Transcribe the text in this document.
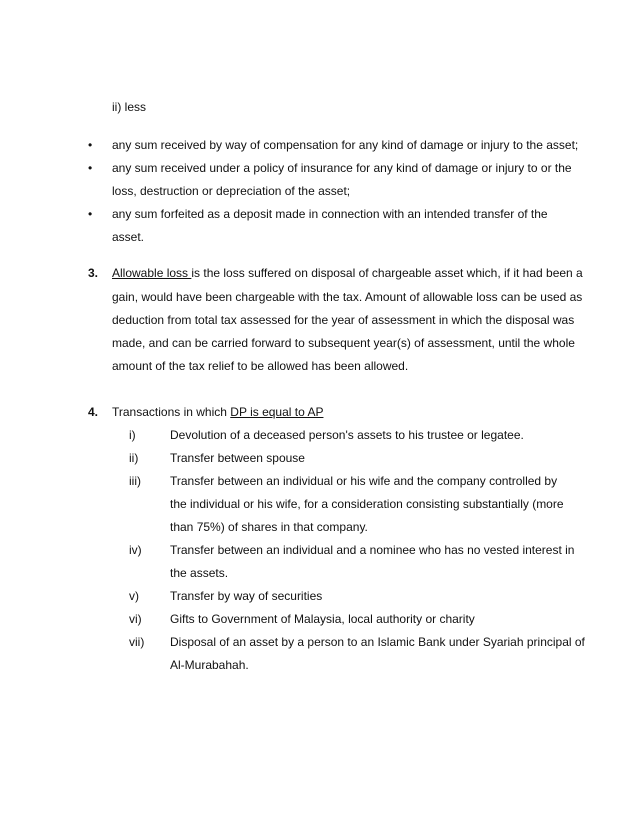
ii) less
• any sum received by way of compensation for any kind of damage or injury to the asset;
• any sum received under a policy of insurance for any kind of damage or injury to or the
loss, destruction or depreciation of the asset;
• any sum forfeited as a deposit made in connection with an intended transfer of the
asset.
3. Allowable loss is the loss suffered on disposal of chargeable asset which, if it had been a
gain, would have been chargeable with the tax. Amount of allowable loss can be used as
deduction from total tax assessed for the year of assessment in which the disposal was
made, and can be carried forward to subsequent year(s) of assessment, until the whole
amount of the tax relief to be allowed has been allowed.
4. Transactions in which DP is equal to AP
i)	Devolution of a deceased person's assets to his trustee or legatee.
ii)	Transfer between spouse
iii) Transfer between an individual or his wife and the company controlled by
the individual or his wife, for a consideration consisting substantially (more
than 75%) of shares in that company.
iv) Transfer between an individual and a nominee who has no vested interest in
the assets.
v)	Transfer by way of securities
vi) Gifts to Government of Malaysia, local authority or charity
vii) Disposal of an asset by a person to an Islamic Bank under Syariah principal of
Al-Murabahah.
